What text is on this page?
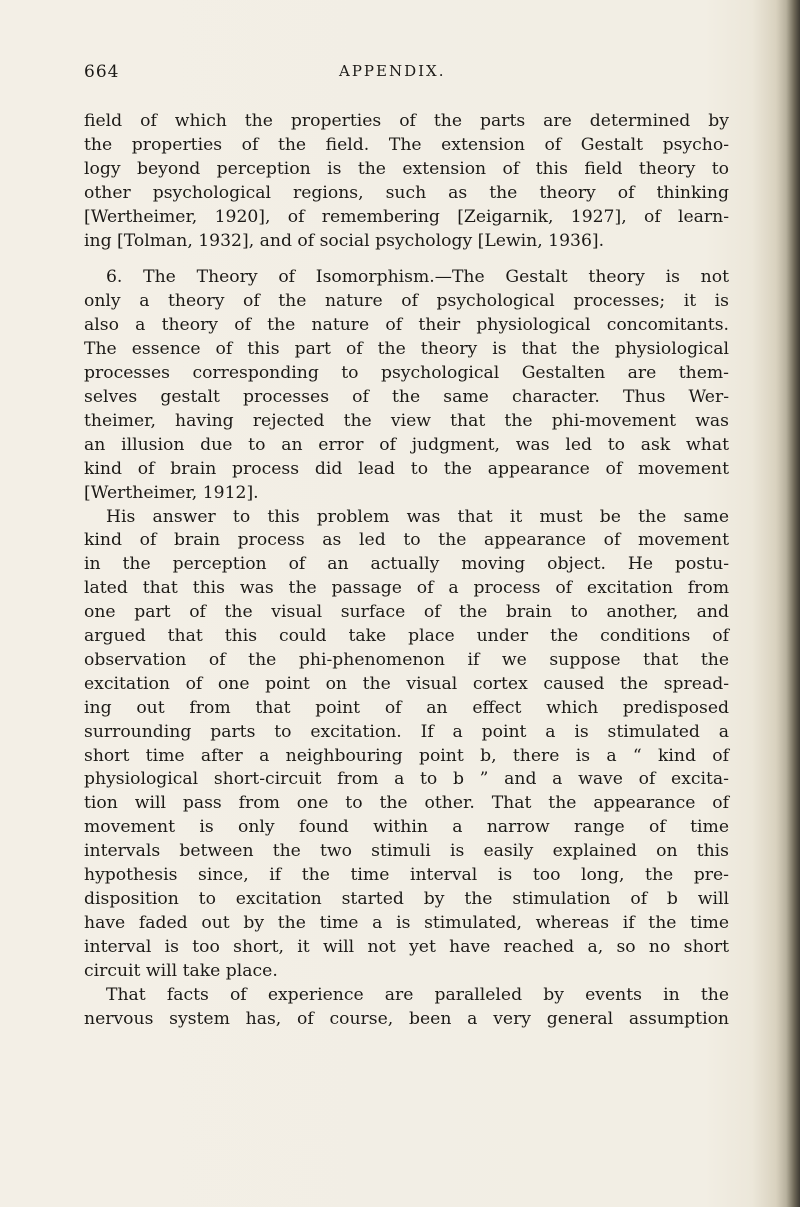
664	APPENDIX.
field of which the properties of the parts are determined by
the properties of the field. The extension of Gestalt psycho-
logy beyond perception is the extension of this field theory to
other psychological regions, such as the theory of thinking
[Wertheimer, 1920], of remembering [Zeigarnik, 1927], of learn-
ing [Tolman, 1932], and of social psychology [Lewin, 1936].
6. The Theory of Isomorphism.—The Gestalt theory is not
only a theory of the nature of psychological processes; it is
also a theory of the nature of their physiological concomitants.
The essence of this part of the theory is that the physiological
processes corresponding to psychological Gestalten are them-
selves gestalt processes of the same character. Thus Wer-
theimer, having rejected the view that the phi-movement was
an illusion due to an error of judgment, was led to ask what
kind of brain process did lead to the appearance of movement
[Wertheimer, 1912].
His answer to this problem was that it must be the same
kind of brain process as led to the appearance of movement
in the perception of an actually moving object. He postu-
lated that this was the passage of a process of excitation from
one part of the visual surface of the brain to another, and
argued that this could take place under the conditions of
observation of the phi-phenomenon if we suppose that the
excitation of one point on the visual cortex caused the spread-
ing out from that point of an effect which predisposed
surrounding parts to excitation. If a point a is stimulated a
short time after a neighbouring point b, there is a “ kind of
physiological short-circuit from a to b ” and a wave of excita-
tion will pass from one to the other. That the appearance of
movement is only found within a narrow range of time
intervals between the two stimuli is easily explained on this
hypothesis since, if the time interval is too long, the pre-
disposition to excitation started by the stimulation of b will
have faded out by the time a is stimulated, whereas if the time
interval is too short, it will not yet have reached a, so no short
circuit will take place.
That facts of experience are paralleled by events in the
nervous system has, of course, been a very general assumption
